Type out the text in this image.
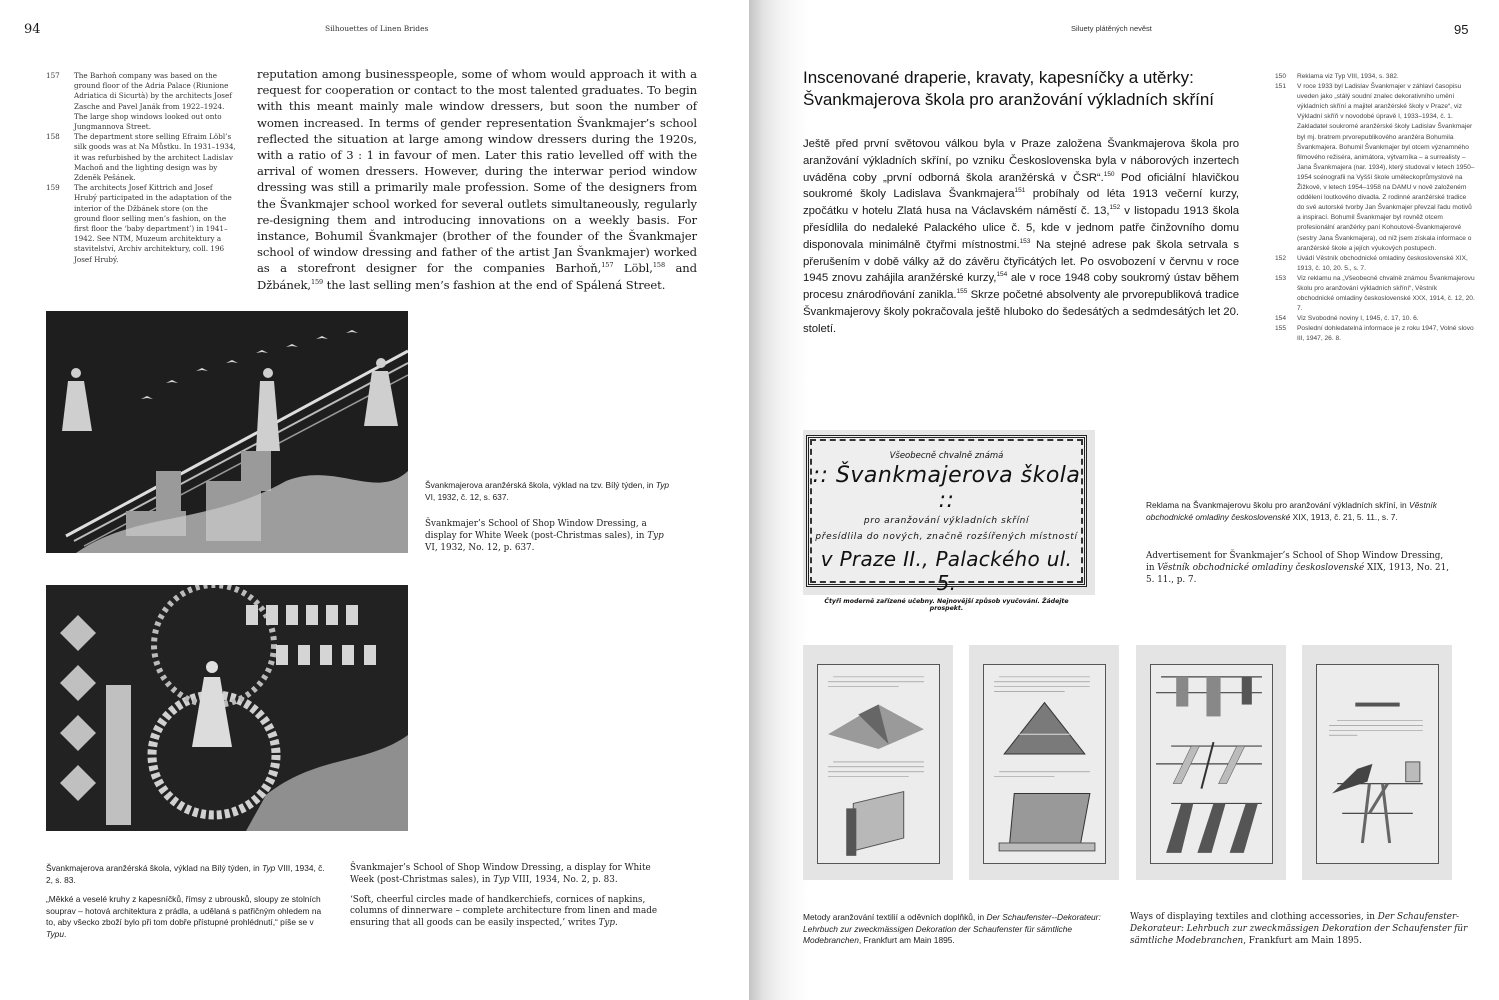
94	Silhouettes of Linen Brides
157	The Barhoň company was based on the ground floor of the Adria Palace (Riunione Adriatica di Sicurtà) by the architects Josef Zasche and Pavel Janák from 1922–1924. The large shop windows looked out onto Jungmannova Street.
158	The department store selling Efraim Löbl’s silk goods was at Na Můstku. In 1931–1934, it was refurbished by the architect Ladislav Machoň and the lighting design was by Zdeněk Pešánek.
159	The architects Josef Kittrich and Josef Hrubý participated in the adaptation of the interior of the Džbánek store (on the ground floor selling men’s fashion, on the first floor the ‘baby department’) in 1941–1942. See NTM, Muzeum architektury a stavitelství, Archiv architektury, coll. 196 Josef Hrubý.
reputation among businesspeople, some of whom would approach it with a request for cooperation or contact to the most talented graduates. To begin with this meant mainly male window dressers, but soon the number of women increased. In terms of gender representation Švankmajer’s school reflected the situation at large among window dressers during the 1920s, with a ratio of 3 : 1 in favour of men. Later this ratio levelled off with the arrival of women dressers. However, during the interwar period window dressing was still a primarily male profession. Some of the designers from the Švankmajer school worked for several outlets simultaneously, regularly re-designing them and introducing innovations on a weekly basis. For instance, Bohumil Švankmajer (brother of the founder of the Švankmajer school of window dressing and father of the artist Jan Švankmajer) worked as a storefront designer for the companies Barhoň,$^{157}$ Löbl,$^{158}$ and Džbánek,$^{159}$ the last selling men’s fashion at the end of Spálená Street.
Švankmajerova aranžérská škola, výklad na tzv. Bílý týden, in Typ VI, 1932, č. 12, s. 637.
Švankmajer’s School of Shop Window Dressing, a display for White Week (post-Christmas sales), in Typ VI, 1932, No. 12, p. 637.
Švankmajerova aranžérská škola, výklad na Bílý týden, in Typ VIII, 1934, č. 2, s. 83.
„Měkké a veselé kruhy z kapesníčků, římsy z ubrousků, sloupy ze stolních souprav – hotová architektura z prádla, a udělaná s patřičným ohledem na to, aby všecko zboží bylo při tom dobře přístupné prohlédnutí,“ píše se v Typu.
Švankmajer’s School of Shop Window Dressing, a display for White Week (post-Christmas sales), in Typ VIII, 1934, No. 2, p. 83.
‘Soft, cheerful circles made of handkerchiefs, cornices of napkins, columns of dinnerware – complete architecture from linen and made ensuring that all goods can be easily inspected,’ writes Typ.
Siluety plátěných nevěst	95
Inscenované draperie, kravaty, kapesníčky a utěrky:
Švankmajerova škola pro aranžování výkladních skříní
Ještě před první světovou válkou byla v Praze založena Švankmajerova škola pro aranžování výkladních skříní, po vzniku Československa byla v náborových inzertech uváděna coby „první odborná škola aranžérská v ČSR“.$^{150}$ Pod oficiální hlavičkou soukromé školy Ladislava Švankmajera$^{151}$ probíhaly od léta 1913 večerní kurzy, zpočátku v hotelu Zlatá husa na Václavském náměstí č. 13,$^{152}$ v listopadu 1913 škola přesídlila do nedaleké Palackého ulice č. 5, kde v jednom patře činžovního domu disponovala minimálně čtyřmi místnostmi.$^{153}$ Na stejné adrese pak škola setrvala s přerušením v době války až do závěru čtyřicátých let. Po osvobození v červnu v roce 1945 znovu zahájila aranžérské kurzy,$^{154}$ ale v roce 1948 coby soukromý ústav během procesu znárodňování zanikla.$^{155}$ Skrze početné absolventy ale prvorepubliková tradice Švankmajerovy školy pokračovala ještě hluboko do šedesátých a sedmdesátých let 20. století.
150	Reklama viz Typ VIII, 1934, s. 382.
151	V roce 1933 byl Ladislav Švankmajer v záhlaví časopisu uveden jako „stálý soudní znalec dekorativního umění výkladních skříní a majitel aranžérské školy v Praze“, viz Výkladní skříň v novodobé úpravě I, 1933–1934, č. 1. Zakladatel soukromé aranžérské školy Ladislav Švankmajer byl mj. bratrem prvorepublikového aranžéra Bohumila Švankmajera. Bohumil Švankmajer byl otcem významného filmového režiséra, animátora, výtvarníka – a surrealisty – Jana Švankmajera (nar. 1934), který studoval v letech 1950–1954 scénografii na Vyšší škole uměleckoprůmyslové na Žižkově, v letech 1954–1958 na DAMU v nově založeném oddělení loutkového divadla. Z rodinné aranžérské tradice do své autorské tvorby Jan Švankmajer převzal řadu motivů a inspirací. Bohumil Švankmajer byl rovněž otcem profesionální aranžérky paní Kohoutové-Švankmajerové (sestry Jana Švankmajera), od níž jsem získala informace o aranžérské škole a jejích výukových postupech.
152	Uvádí Věstník obchodnické omladiny československé XIX, 1913, č. 10, 20. 5., s. 7.
153	Viz reklamu na „Všeobecně chvalně známou Švankmajerovu školu pro aranžování výkladních skříní“, Věstník obchodnické omladiny československé XXX, 1914, č. 12, 20. 7.
154	Viz Svobodné noviny I, 1945, č. 17, 10. 6.
155	Poslední dohledatelná informace je z roku 1947, Volné slovo III, 1947, 26. 8.
Všeobecně chvalně známá
:: Švankmajerova škola ::
pro aranžování výkladních skříní
přesídlila do nových, značně rozšířených místností
v Praze II., Palackého ul. 5.
Čtyři moderně zařízené učebny. Nejnovější způsob vyučování. Žádejte prospekt.
Reklama na Švankmajerovu školu pro aranžování výkladních skříní, in Věstník obchodnické omladiny československé XIX, 1913, č. 21, 5. 11., s. 7.
Advertisement for Švankmajer’s School of Shop Window Dressing, in Věstník obchodnické omladiny československé XIX, 1913, No. 21, 5. 11., p. 7.
Metody aranžování textilií a oděvních doplňků, in Der Schaufenster--Dekorateur: Lehrbuch zur zweckmässigen Dekoration der Schaufenster für sämtliche Modebranchen, Frankfurt am Main 1895.
Ways of displaying textiles and clothing accessories, in Der Schaufenster-Dekorateur: Lehrbuch zur zweckmässigen Dekoration der Schaufenster für sämtliche Modebranchen, Frankfurt am Main 1895.
